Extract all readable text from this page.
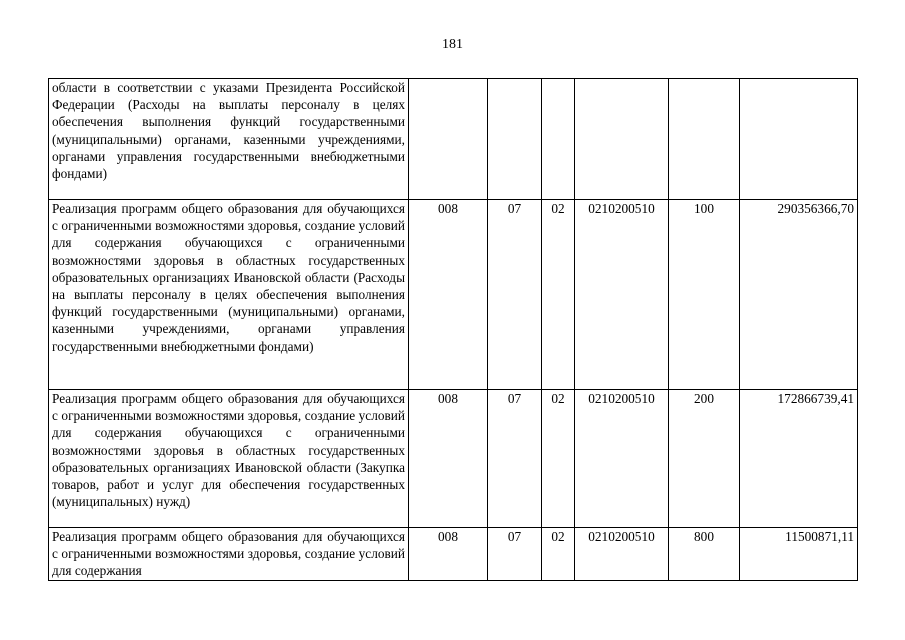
181
области в соответствии с указами Президента Российской Федерации (Расходы на выплаты персоналу в целях обеспечения выполнения функций государственными (муниципальными) органами, казенными учреждениями, органами управления государственными внебюджетными фондами)						
Реализация программ общего образования для обучающихся с ограниченными возможностями здоровья, создание условий для содержания обучающихся с ограниченными возможностями здоровья в областных государственных образовательных организациях Ивановской области (Расходы на выплаты персоналу в целях обеспечения выполнения функций государственными (муниципальными) органами, казенными учреждениями, органами управления государственными внебюджетными фондами)	008	07	02	0210200510	100	290356366,70
Реализация программ общего образования для обучающихся с ограниченными возможностями здоровья, создание условий для содержания обучающихся с ограниченными возможностями здоровья в областных государственных образовательных организациях Ивановской области (Закупка товаров, работ и услуг для обеспечения государственных (муниципальных) нужд)	008	07	02	0210200510	200	172866739,41
Реализация программ общего образования для обучающихся с ограниченными возможностями здоровья, создание условий для содержания	008	07	02	0210200510	800	11500871,11
